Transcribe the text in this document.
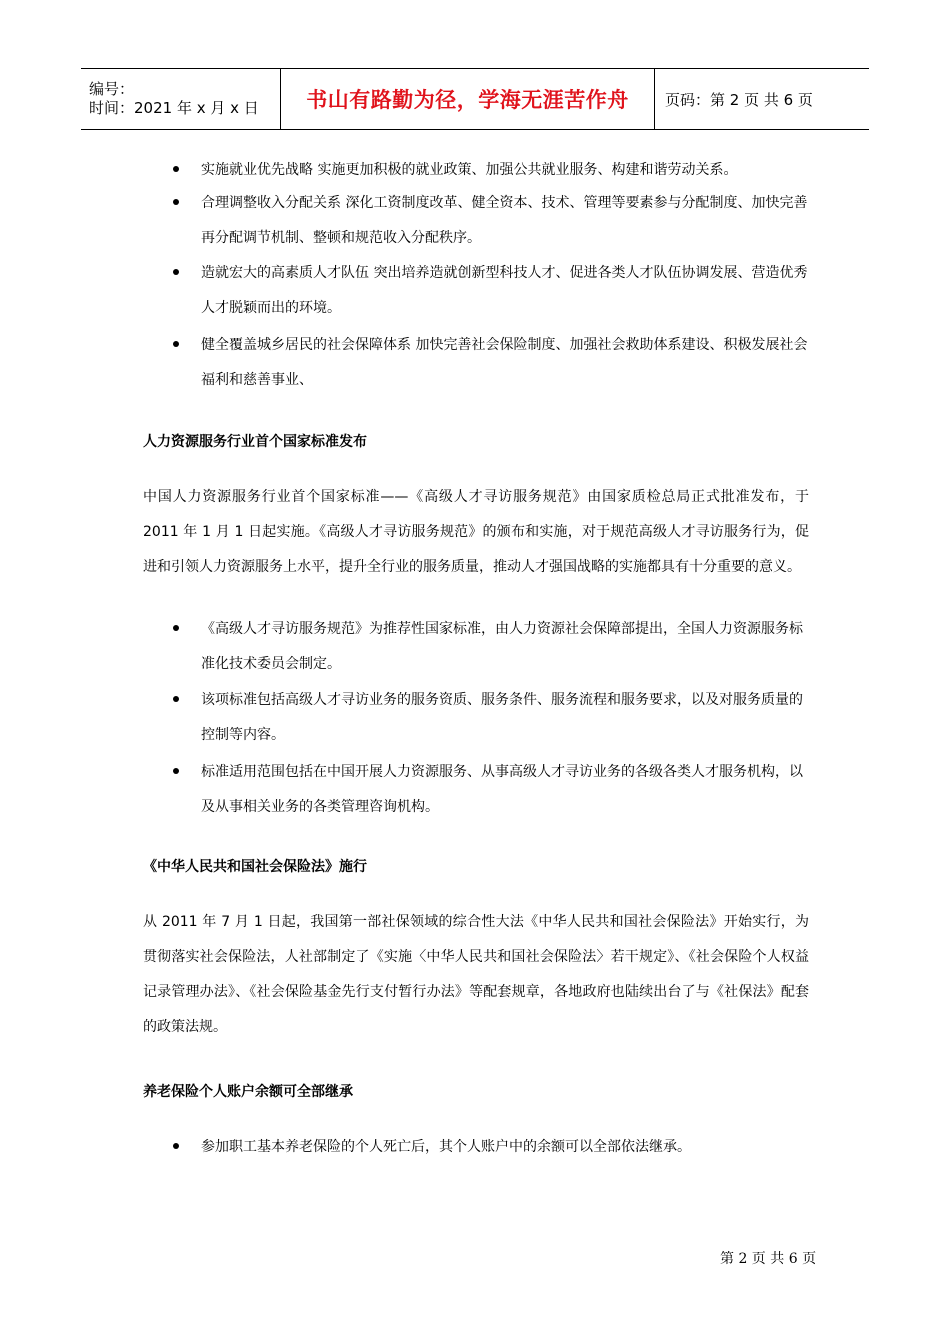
编号：
时间：2021 年 x 月 x 日	书山有路勤为径，学海无涯苦作舟 页码：第 2 页 共 6 页
实施就业优先战略 实施更加积极的就业政策、加强公共就业服务、构建和谐劳动关系。
合理调整收入分配关系 深化工资制度改革、健全资本、技术、管理等要素参与分配制度、加快完善再分配调节机制、整顿和规范收入分配秩序。
造就宏大的高素质人才队伍 突出培养造就创新型科技人才、促进各类人才队伍协调发展、营造优秀人才脱颖而出的环境。
健全覆盖城乡居民的社会保障体系 加快完善社会保险制度、加强社会救助体系建设、积极发展社会福利和慈善事业、
人力资源服务行业首个国家标准发布
中国人力资源服务行业首个国家标准——《高级人才寻访服务规范》由国家质检总局正式批准发布，于 2011 年 1 月 1 日起实施。《高级人才寻访服务规范》的颁布和实施，对于规范高级人才寻访服务行为，促进和引领人力资源服务上水平，提升全行业的服务质量，推动人才强国战略的实施都具有十分重要的意义。
《高级人才寻访服务规范》为推荐性国家标准，由人力资源社会保障部提出，全国人力资源服务标准化技术委员会制定。
该项标准包括高级人才寻访业务的服务资质、服务条件、服务流程和服务要求，以及对服务质量的控制等内容。
标准适用范围包括在中国开展人力资源服务、从事高级人才寻访业务的各级各类人才服务机构，以及从事相关业务的各类管理咨询机构。
《中华人民共和国社会保险法》施行
从 2011 年 7 月 1 日起，我国第一部社保领域的综合性大法《中华人民共和国社会保险法》开始实行，为贯彻落实社会保险法，人社部制定了《实施〈中华人民共和国社会保险法〉若干规定》、《社会保险个人权益记录管理办法》、《社会保险基金先行支付暂行办法》等配套规章，各地政府也陆续出台了与《社保法》配套的政策法规。
养老保险个人账户余额可全部继承
参加职工基本养老保险的个人死亡后，其个人账户中的余额可以全部依法继承。
第 2 页 共 6 页
